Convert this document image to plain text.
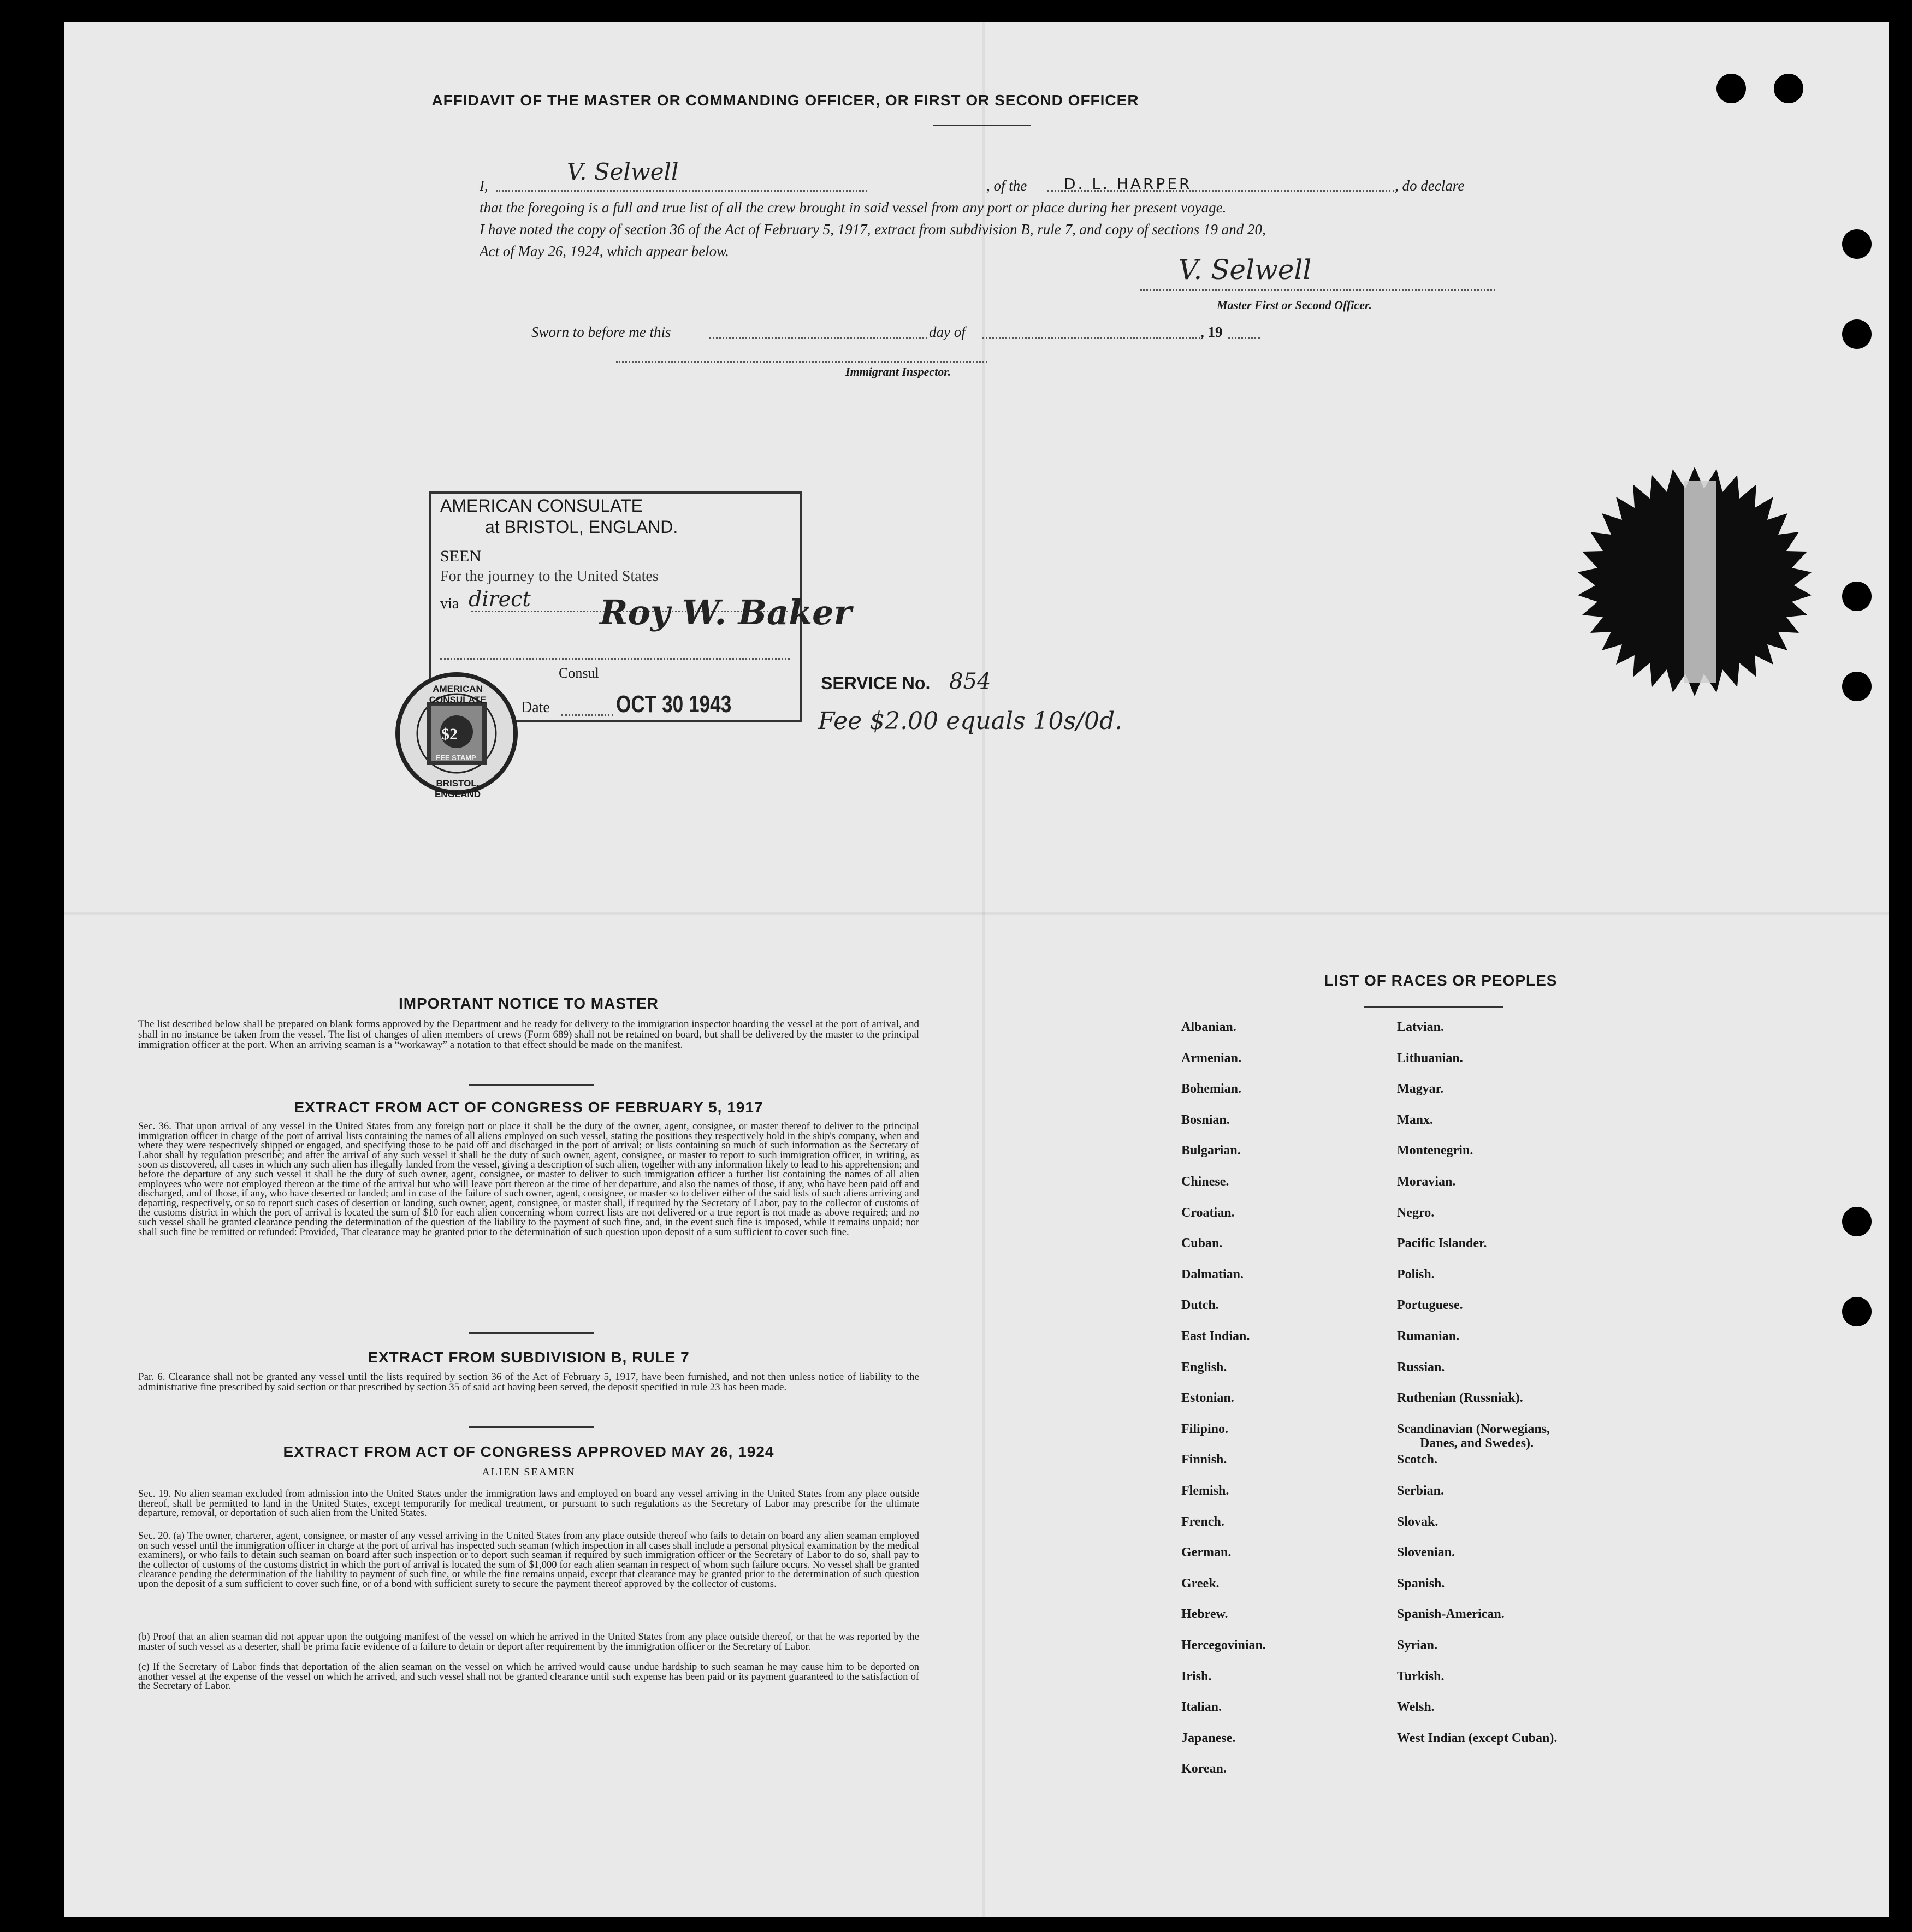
AFFIDAVIT OF THE MASTER OR COMMANDING OFFICER, OR FIRST OR SECOND OFFICER
I,
V. Selwell
, of the D. L. HARPER	, do declare
that the foregoing is a full and true list of all the crew brought in said vessel from any port or place during her present voyage.
I have noted the copy of section 36 of the Act of February 5, 1917, extract from subdivision B, rule 7, and copy of sections 19 and 20,
Act of May 26, 1924, which appear below.
V. Selwell
Master First or Second Officer.
Sworn to before me this	day of	, 19
Immigrant Inspector.
AMERICAN CONSULATE
at BRISTOL, ENGLAND.
SEEN
For the journey to the United States
via direct Roy W. Baker
Consul
Date	OCT 30 1943
AMERICAN CONSULATE
$2
FEE STAMP
BRISTOL, ENGLAND
SERVICE No. 854
Fee $2.00 equals 10s/0d.
LIST OF RACES OR PEOPLES
Albanian.
Armenian.
Bohemian.
Bosnian.
Bulgarian.
Chinese.
Croatian.
Cuban.
Dalmatian.
Dutch.
East Indian.
English.
Estonian.
Filipino.
Finnish.
Flemish.
French.
German.
Greek.
Hebrew.
Hercegovinian.
Irish.
Italian.
Japanese.
Korean.
Latvian.
Lithuanian.
Magyar.
Manx.
Montenegrin.
Moravian.
Negro.
Pacific Islander.
Polish.
Portuguese.
Rumanian.
Russian.
Ruthenian (Russniak).
Scandinavian (Norwegians,
Danes, and Swedes).
Scotch.
Serbian.
Slovak.
Slovenian.
Spanish.
Spanish-American.
Syrian.
Turkish.
Welsh.
West Indian (except Cuban).
IMPORTANT NOTICE TO MASTER
The list described below shall be prepared on blank forms approved by the Department and be ready for delivery to the immigration inspector boarding the vessel at the port of arrival, and shall in no instance be taken from the vessel. The list of changes of alien members of crews (Form 689) shall not be retained on board, but shall be delivered by the master to the principal immigration officer at the port. When an arriving seaman is a “workaway” a notation to that effect should be made on the manifest.
EXTRACT FROM ACT OF CONGRESS OF FEBRUARY 5, 1917
Sec. 36. That upon arrival of any vessel in the United States from any foreign port or place it shall be the duty of the owner, agent, consignee, or master thereof to deliver to the principal immigration officer in charge of the port of arrival lists containing the names of all aliens employed on such vessel, stating the positions they respectively hold in the ship's company, when and where they were respectively shipped or engaged, and specifying those to be paid off and discharged in the port of arrival; or lists containing so much of such information as the Secretary of Labor shall by regulation prescribe; and after the arrival of any such vessel it shall be the duty of such owner, agent, consignee, or master to report to such immigration officer, in writing, as soon as discovered, all cases in which any such alien has illegally landed from the vessel, giving a description of such alien, together with any information likely to lead to his apprehension; and before the departure of any such vessel it shall be the duty of such owner, agent, consignee, or master to deliver to such immigration officer a further list containing the names of all alien employees who were not employed thereon at the time of the arrival but who will leave port thereon at the time of her departure, and also the names of those, if any, who have been paid off and discharged, and of those, if any, who have deserted or landed; and in case of the failure of such owner, agent, consignee, or master so to deliver either of the said lists of such aliens arriving and departing, respectively, or so to report such cases of desertion or landing, such owner, agent, consignee, or master shall, if required by the Secretary of Labor, pay to the collector of customs of the customs district in which the port of arrival is located the sum of $10 for each alien concerning whom correct lists are not delivered or a true report is not made as above required; and no such vessel shall be granted clearance pending the determination of the question of the liability to the payment of such fine, and, in the event such fine is imposed, while it remains unpaid; nor shall such fine be remitted or refunded: Provided, That clearance may be granted prior to the determination of such question upon deposit of a sum sufficient to cover such fine.
EXTRACT FROM SUBDIVISION B, RULE 7
Par. 6. Clearance shall not be granted any vessel until the lists required by section 36 of the Act of February 5, 1917, have been furnished, and not then unless notice of liability to the administrative fine prescribed by said section or that prescribed by section 35 of said act having been served, the deposit specified in rule 23 has been made.
EXTRACT FROM ACT OF CONGRESS APPROVED MAY 26, 1924
ALIEN SEAMEN
Sec. 19. No alien seaman excluded from admission into the United States under the immigration laws and employed on board any vessel arriving in the United States from any place outside thereof, shall be permitted to land in the United States, except temporarily for medical treatment, or pursuant to such regulations as the Secretary of Labor may prescribe for the ultimate departure, removal, or deportation of such alien from the United States.
Sec. 20. (a) The owner, charterer, agent, consignee, or master of any vessel arriving in the United States from any place outside thereof who fails to detain on board any alien seaman employed on such vessel until the immigration officer in charge at the port of arrival has inspected such seaman (which inspection in all cases shall include a personal physical examination by the medical examiners), or who fails to detain such seaman on board after such inspection or to deport such seaman if required by such immigration officer or the Secretary of Labor to do so, shall pay to the collector of customs of the customs district in which the port of arrival is located the sum of $1,000 for each alien seaman in respect of whom such failure occurs. No vessel shall be granted clearance pending the determination of the liability to payment of such fine, or while the fine remains unpaid, except that clearance may be granted prior to the determination of such question upon the deposit of a sum sufficient to cover such fine, or of a bond with sufficient surety to secure the payment thereof approved by the collector of customs.
(b) Proof that an alien seaman did not appear upon the outgoing manifest of the vessel on which he arrived in the United States from any place outside thereof, or that he was reported by the master of such vessel as a deserter, shall be prima facie evidence of a failure to detain or deport after requirement by the immigration officer or the Secretary of Labor.
(c) If the Secretary of Labor finds that deportation of the alien seaman on the vessel on which he arrived would cause undue hardship to such seaman he may cause him to be deported on another vessel at the expense of the vessel on which he arrived, and such vessel shall not be granted clearance until such expense has been paid or its payment guaranteed to the satisfaction of the Secretary of Labor.
